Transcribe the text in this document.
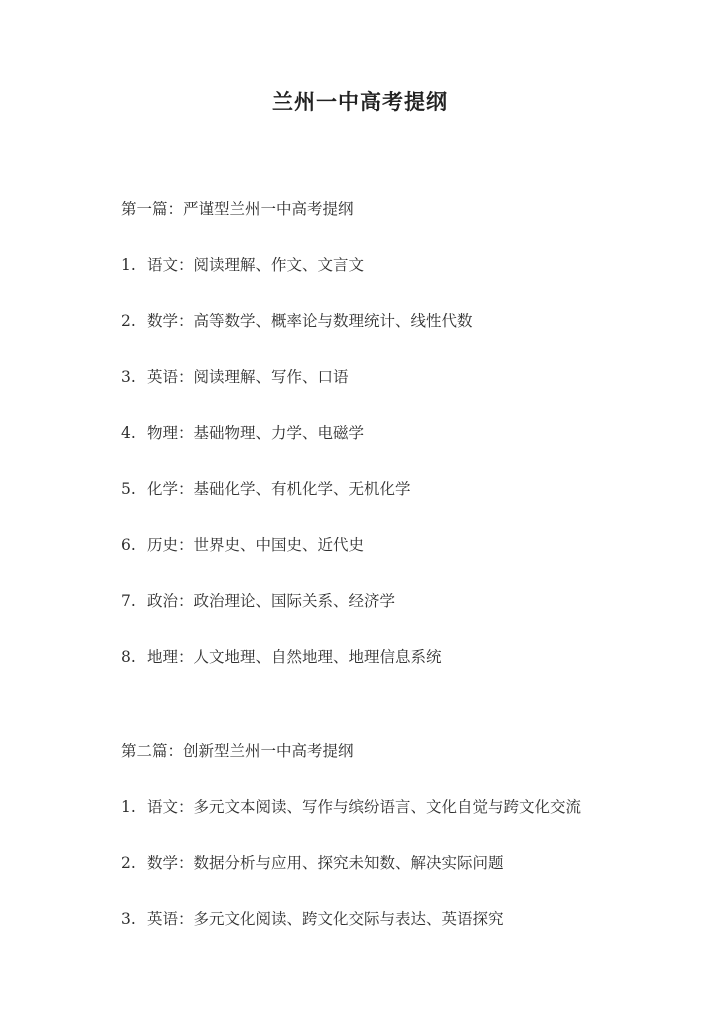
兰州一中高考提纲
第一篇：严谨型兰州一中高考提纲
1. 语文：阅读理解、作文、文言文
2. 数学：高等数学、概率论与数理统计、线性代数
3. 英语：阅读理解、写作、口语
4. 物理：基础物理、力学、电磁学
5. 化学：基础化学、有机化学、无机化学
6. 历史：世界史、中国史、近代史
7. 政治：政治理论、国际关系、经济学
8. 地理：人文地理、自然地理、地理信息系统
第二篇：创新型兰州一中高考提纲
1. 语文：多元文本阅读、写作与缤纷语言、文化自觉与跨文化交流
2. 数学：数据分析与应用、探究未知数、解决实际问题
3. 英语：多元文化阅读、跨文化交际与表达、英语探究
